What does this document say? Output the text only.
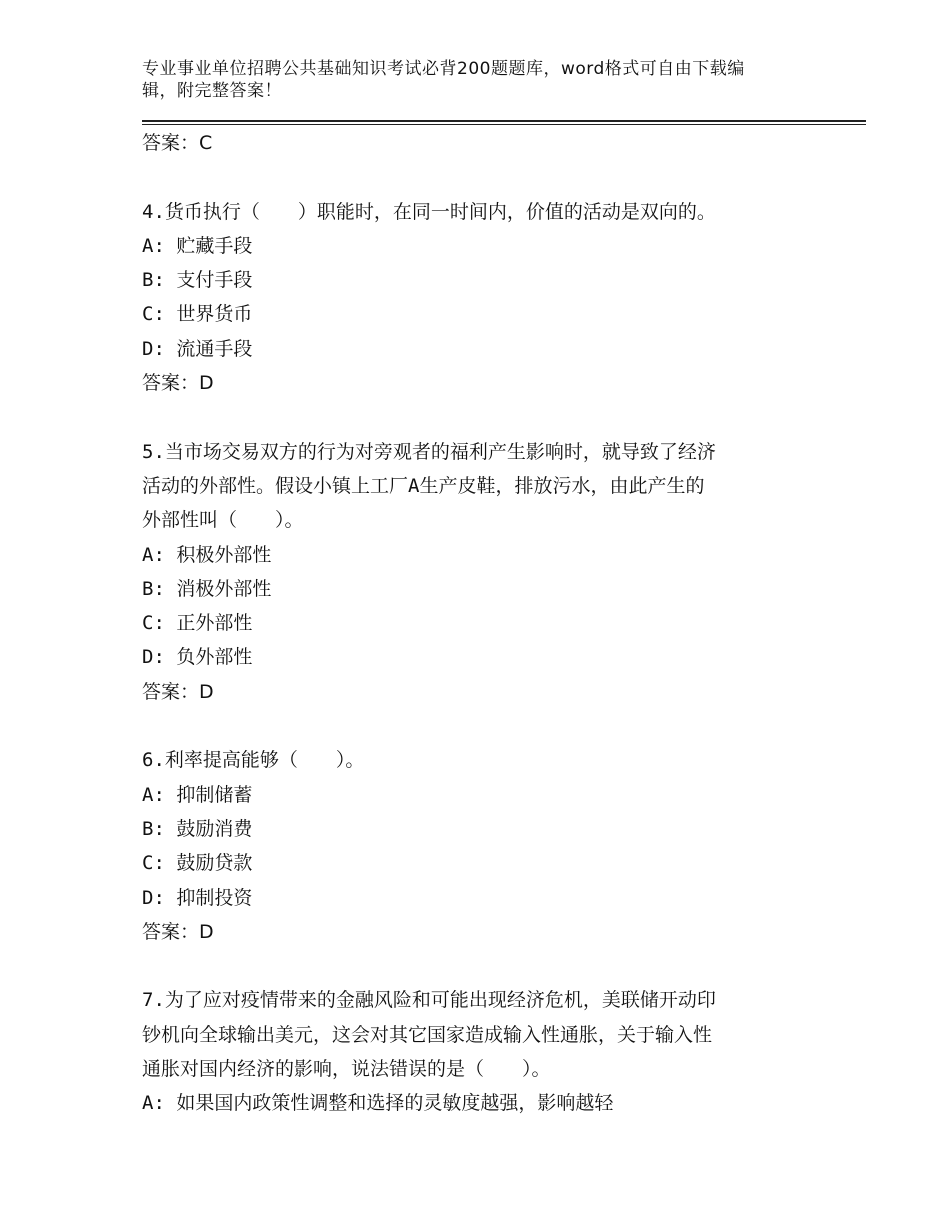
专业事业单位招聘公共基础知识考试必背200题题库，word格式可自由下载编
辑，附完整答案！
答案：C
4.货币执行（　　）职能时，在同一时间内，价值的活动是双向的。
A: 贮藏手段
B: 支付手段
C: 世界货币
D: 流通手段
答案：D
5.当市场交易双方的行为对旁观者的福利产生影响时，就导致了经济
活动的外部性。假设小镇上工厂A生产皮鞋，排放污水，由此产生的
外部性叫（　　）。
A: 积极外部性
B: 消极外部性
C: 正外部性
D: 负外部性
答案：D
6.利率提高能够（　　）。
A: 抑制储蓄
B: 鼓励消费
C: 鼓励贷款
D: 抑制投资
答案：D
7.为了应对疫情带来的金融风险和可能出现经济危机，美联储开动印
钞机向全球输出美元，这会对其它国家造成输入性通胀，关于输入性
通胀对国内经济的影响，说法错误的是（　　）。
A: 如果国内政策性调整和选择的灵敏度越强，影响越轻
